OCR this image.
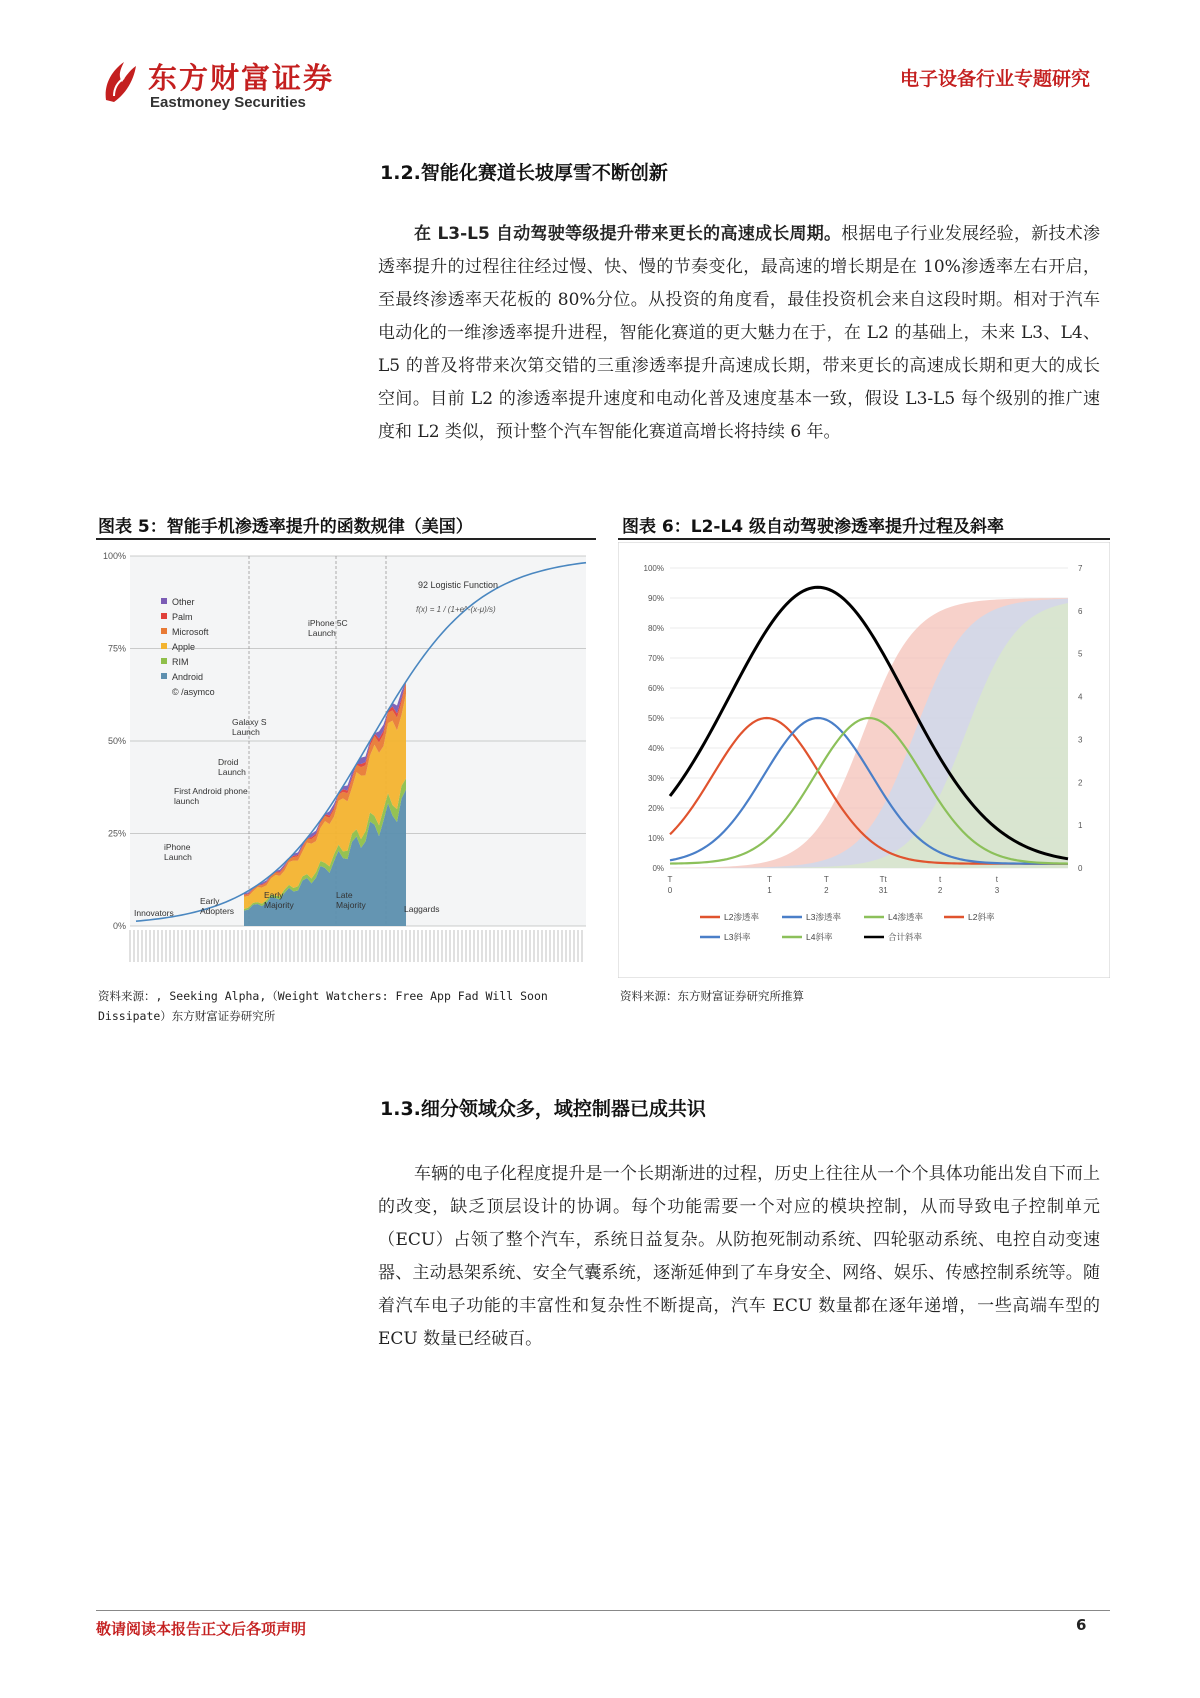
东方财富证券
Eastmoney Securities
电子设备行业专题研究
1.2.智能化赛道长坡厚雪不断创新
在 L3-L5 自动驾驶等级提升带来更长的高速成长周期。根据电子行业发展经验，新技术渗透率提升的过程往往经过慢、快、慢的节奏变化，最高速的增长期是在 10%渗透率左右开启，至最终渗透率天花板的 80%分位。从投资的角度看，最佳投资机会来自这段时期。相对于汽车电动化的一维渗透率提升进程，智能化赛道的更大魅力在于，在 L2 的基础上，未来 L3、L4、L5 的普及将带来次第交错的三重渗透率提升高速成长期，带来更长的高速成长期和更大的成长空间。目前 L2 的渗透率提升速度和电动化普及速度基本一致，假设 L3-L5 每个级别的推广速度和 L2 类似，预计整个汽车智能化赛道高增长将持续 6 年。
图表 5：智能手机渗透率提升的函数规律（美国）
0%
25%
50%
75%
100%
Other
Palm
Microsoft
Apple
RIM
Android
© /asymco
92 Logistic Function
f(x) = 1 / (1+e^-(x-μ)/s)
iPhone 5C
Launch
Galaxy S
Launch
Droid
Launch
First Android phone
launch
iPhone
Launch
Innovators
Early
Adopters
Early
Majority
Late
Majority	Laggards
资料来源：, Seeking Alpha,（Weight Watchers: Free App Fad Will Soon Dissipate）东方财富证券研究所
图表 6：L2-L4 级自动驾驶渗透率提升过程及斜率
0%
10%
20%
30%
40%
50%
60%
70%
80%
90%
100%
0
1
2
3
4
5
6
7
T
0
T
1
T
2
Tt
31
t
2
t
3
L2渗透率	L3渗透率	L4渗透率	L2斜率
L3斜率	L4斜率	合计斜率
资料来源：东方财富证券研究所推算
1.3.细分领域众多，域控制器已成共识
车辆的电子化程度提升是一个长期渐进的过程，历史上往往从一个个具体功能出发自下而上的改变，缺乏顶层设计的协调。每个功能需要一个对应的模块控制，从而导致电子控制单元（ECU）占领了整个汽车，系统日益复杂。从防抱死制动系统、四轮驱动系统、电控自动变速器、主动悬架系统、安全气囊系统，逐渐延伸到了车身安全、网络、娱乐、传感控制系统等。随着汽车电子功能的丰富性和复杂性不断提高，汽车 ECU 数量都在逐年递增，一些高端车型的 ECU 数量已经破百。
敬请阅读本报告正文后各项声明	6
